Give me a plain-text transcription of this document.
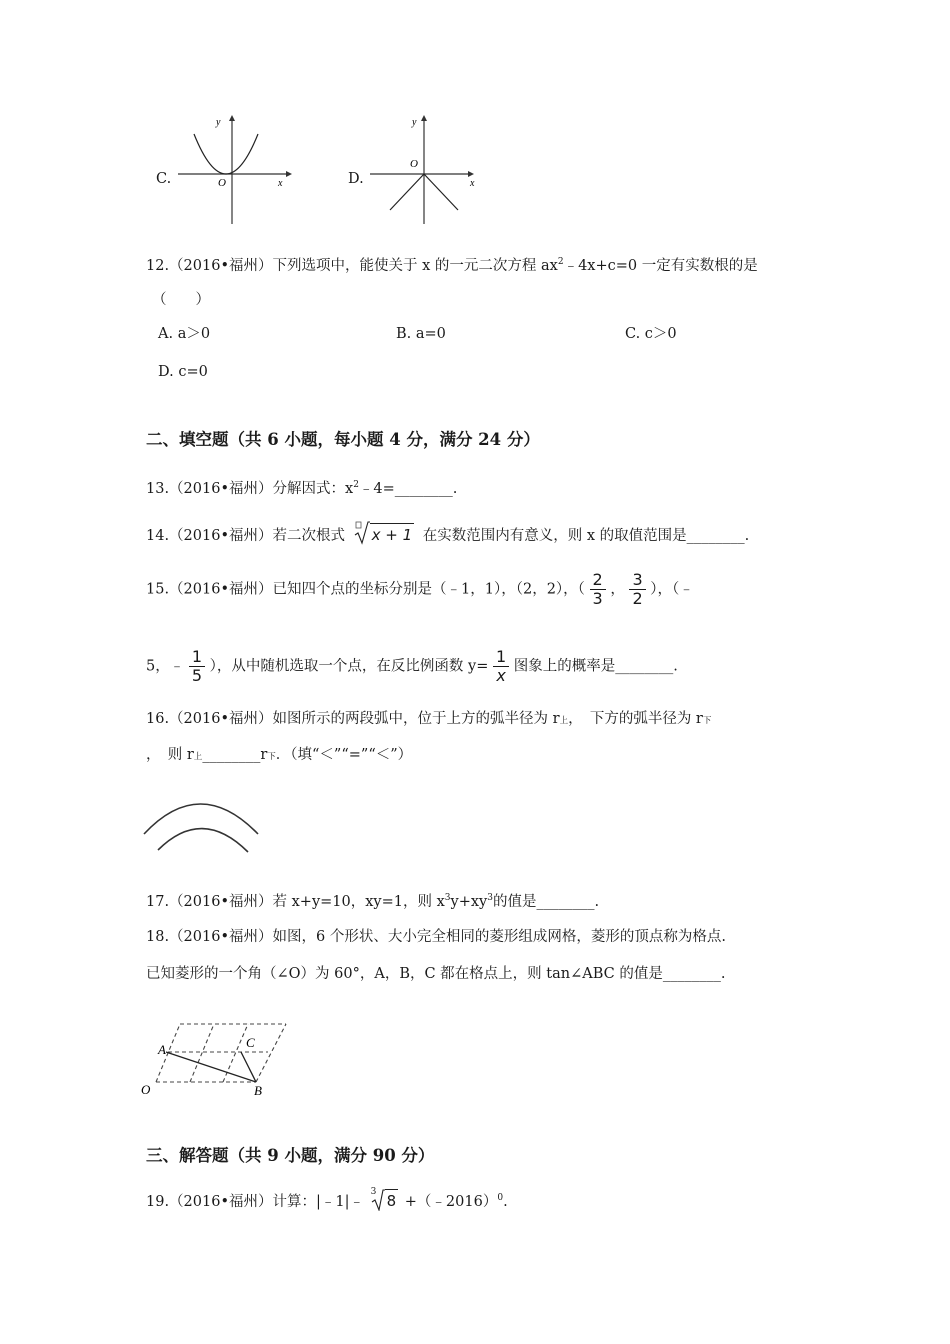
C.
y
x
O	D.
y
x
O
12.（2016•福州）下列选项中，能使关于 x 的一元二次方程 $ax^2﹣4x+c=0$ 一定有实数根的是
（　　）
A. a＞0	B. a=0	C. c＞0
D. c=0
二、填空题（共 6 小题，每小题 4 分，满分 24 分）
13.（2016•福州）分解因式：$x^2﹣4=\_\_\_\_\_\_\_\_$.
14.（2016•福州）若二次根式 x + 1 在实数范围内有意义，则 x 的取值范围是________.
15.（2016•福州）已知四个点的坐标分别是（﹣1，1），（2，2），（ $\frac{2}{3}$ ， $\frac{3}{2}$ ），（﹣
5，﹣ $\frac{1}{5}$ ），从中随机选取一个点，在反比例函数 $y= \frac{1}{x}$ 图象上的概率是________.
16.（2016•福州）如图所示的两段弧中，位于上方的弧半径为 r上，　下方的弧半径为 r下
，　则 r上________r下．（填“＜”“=”“＜”）
17.（2016•福州）若 x+y=10，xy=1，则 $x^3y+xy^3$的值是________.
18.（2016•福州）如图，6 个形状、大小完全相同的菱形组成网格，菱形的顶点称为格点.
已知菱形的一个角（∠O）为 60°，A，B，C 都在格点上，则 tan∠ABC 的值是________.
A
B
C
O
三、解答题（共 9 小题，满分 90 分）
19.（2016•福州）计算：|﹣1|﹣
3 8 +（﹣2016）$^0$.
